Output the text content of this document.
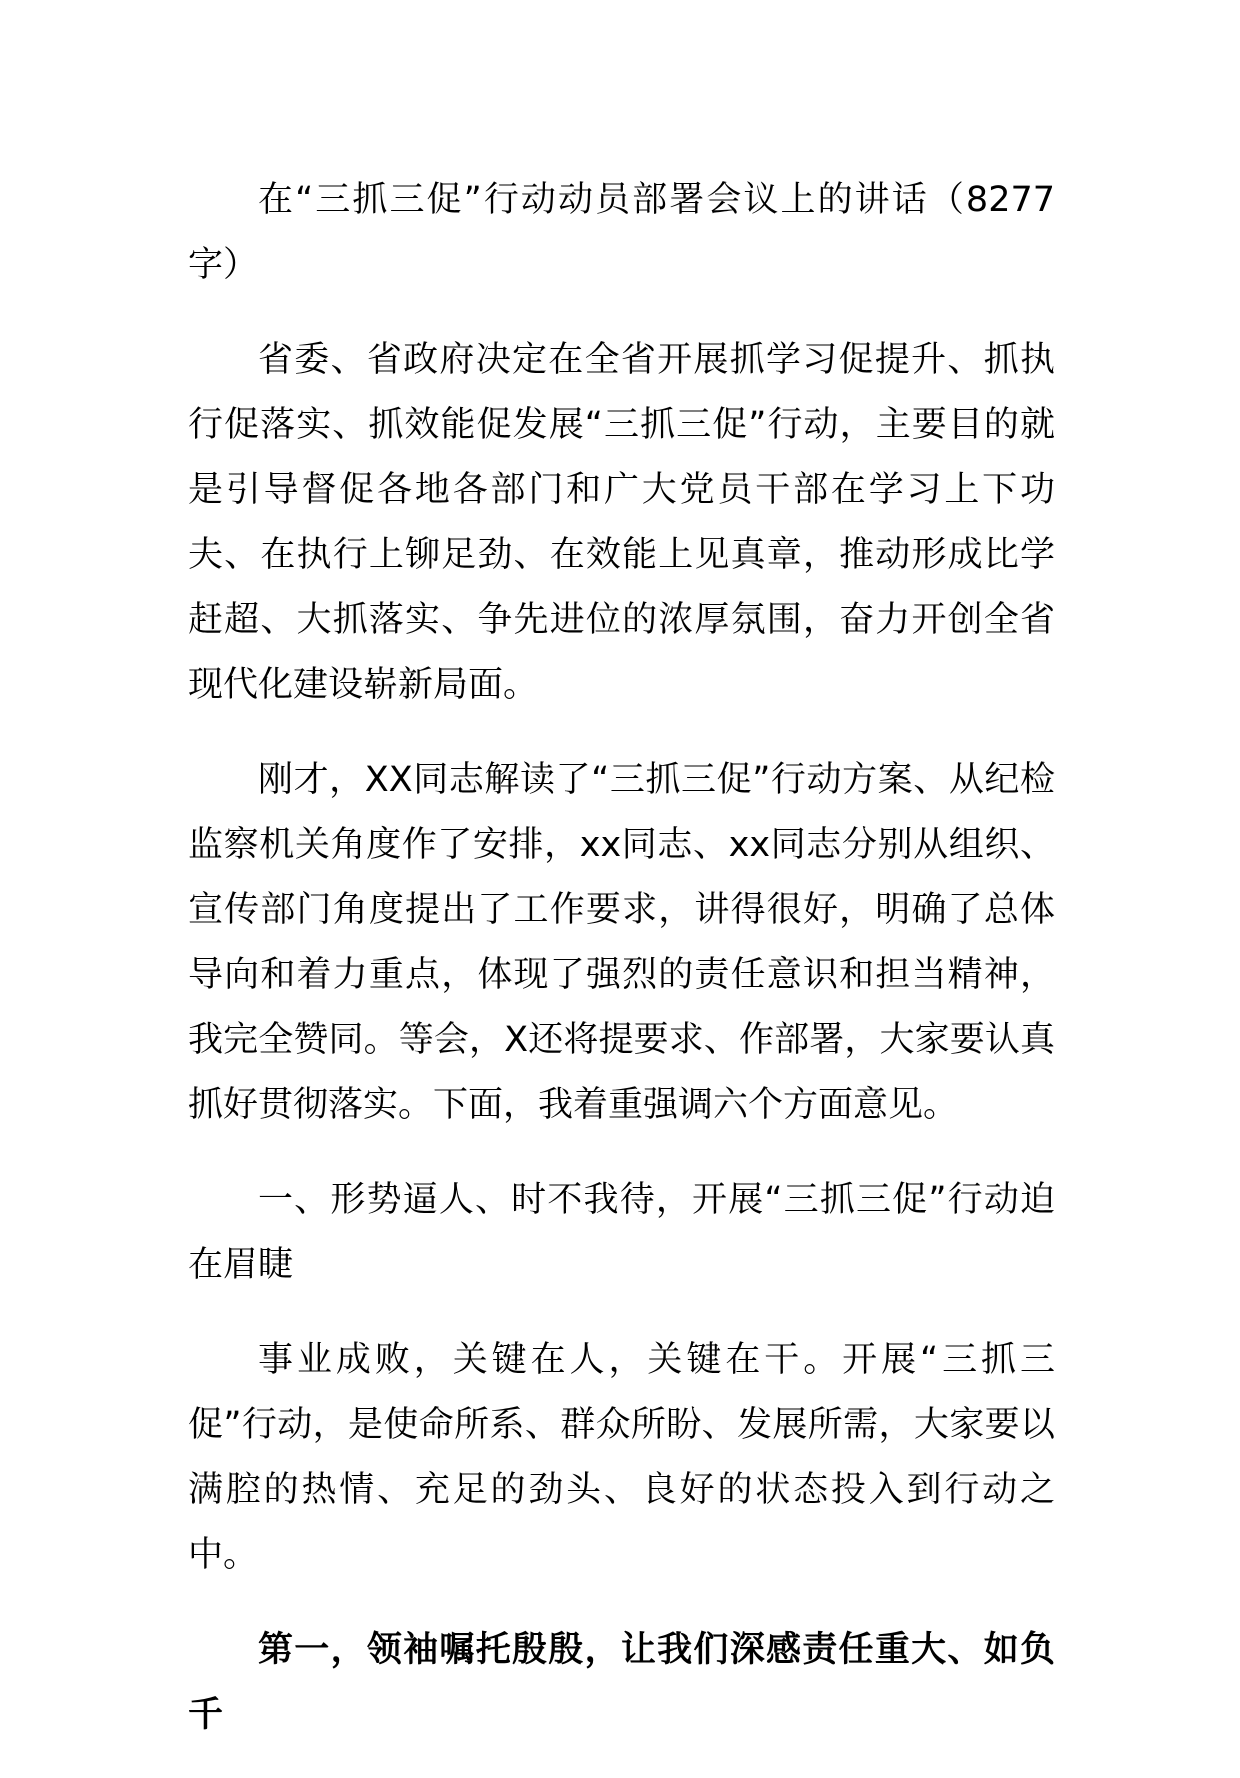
在“三抓三促”行动动员部署会议上的讲话（8277字）

省委、省政府决定在全省开展抓学习促提升、抓执行促落实、抓效能促发展“三抓三促”行动，主要目的就是引导督促各地各部门和广大党员干部在学习上下功夫、在执行上铆足劲、在效能上见真章，推动形成比学赶超、大抓落实、争先进位的浓厚氛围，奋力开创全省现代化建设崭新局面。

刚才，XX同志解读了“三抓三促”行动方案、从纪检监察机关角度作了安排，xx同志、xx同志分别从组织、宣传部门角度提出了工作要求，讲得很好，明确了总体导向和着力重点，体现了强烈的责任意识和担当精神，我完全赞同。等会，X还将提要求、作部署，大家要认真抓好贯彻落实。下面，我着重强调六个方面意见。

一、形势逼人、时不我待，开展“三抓三促”行动迫在眉睫

事业成败，关键在人，关键在干。开展“三抓三促”行动，是使命所系、群众所盼、发展所需，大家要以满腔的热情、充足的劲头、良好的状态投入到行动之中。

第一，领袖嘱托殷殷，让我们深感责任重大、如负千
